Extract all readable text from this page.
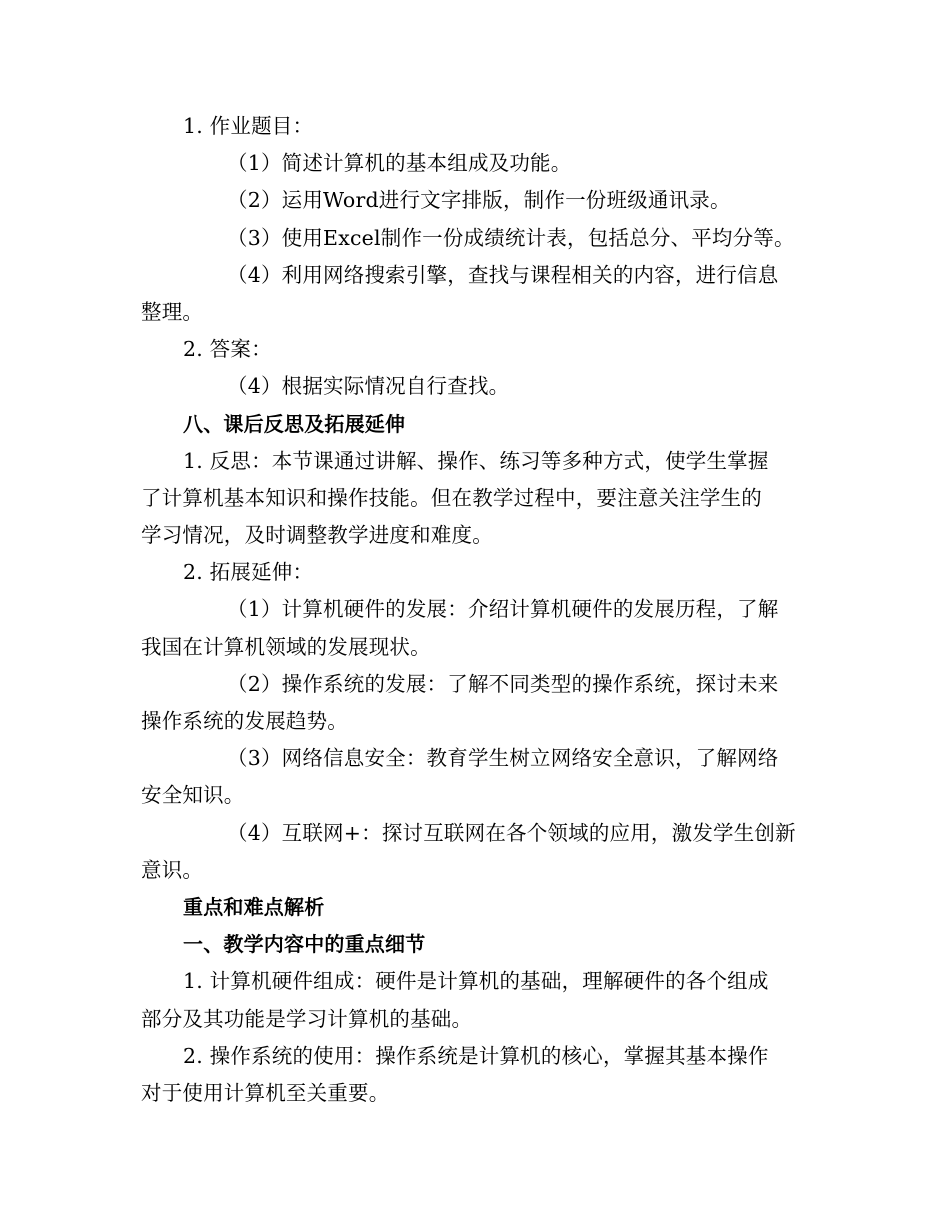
1. 作业题目：
（1）简述计算机的基本组成及功能。
（2）运用Word进行文字排版，制作一份班级通讯录。
（3）使用Excel制作一份成绩统计表，包括总分、平均分等。
（4）利用网络搜索引擎，查找与课程相关的内容，进行信息
整理。
2. 答案：
（4）根据实际情况自行查找。
八、课后反思及拓展延伸
1. 反思：本节课通过讲解、操作、练习等多种方式，使学生掌握
了计算机基本知识和操作技能。但在教学过程中，要注意关注学生的
学习情况，及时调整教学进度和难度。
2. 拓展延伸：
（1）计算机硬件的发展：介绍计算机硬件的发展历程，了解
我国在计算机领域的发展现状。
（2）操作系统的发展：了解不同类型的操作系统，探讨未来
操作系统的发展趋势。
（3）网络信息安全：教育学生树立网络安全意识，了解网络
安全知识。
（4）互联网+：探讨互联网在各个领域的应用，激发学生创新
意识。
重点和难点解析
一、教学内容中的重点细节
1. 计算机硬件组成：硬件是计算机的基础，理解硬件的各个组成
部分及其功能是学习计算机的基础。
2. 操作系统的使用：操作系统是计算机的核心，掌握其基本操作
对于使用计算机至关重要。
